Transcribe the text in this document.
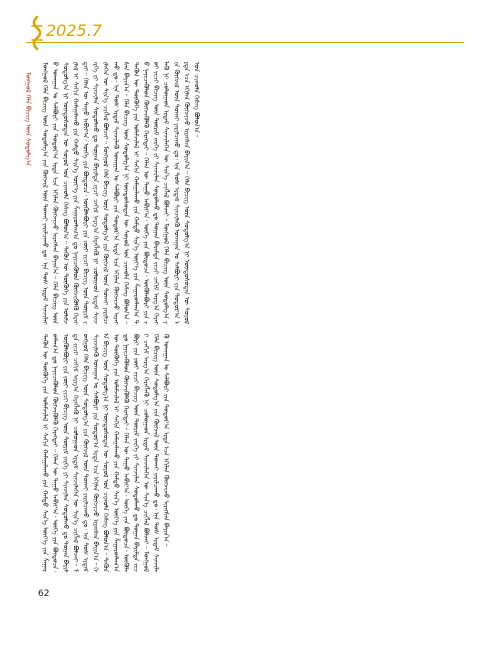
2025.7
ᠮᠣᠩᠭᠣᠯ ᠬᠡᠯᠡ ᠪᠢᠴᠢᠭ ᠦᠨ ᠰᠤᠳᠤᠯᠭ᠎ᠠ ᠮᠣᠩᠭᠣᠯ ᠬᠡᠯᠡ ᠪᠢᠴᠢᠭ ᠦᠨ ᠰᠤᠳᠤᠯᠭ᠎ᠠ ᠶᠢᠨ ᠬᠥᠭᠵᠢᠯ ᠦᠨ ᠲᠤᠬᠠᠢ ᠶᠠᠷᠢᠯᠴᠠᠬᠤ ᠳᠤ᠂ ᠡᠨᠡ ᠲᠤᠰ ᠡᠷᠳᠡᠮ ᠰᠢᠨᠵᠢᠯᠡᠬᠦ ᠤᠬᠠᠭᠠᠨ ᠤ ᠰᠠᠯᠪᠤᠷᠢ ᠶᠢᠨ ᠳᠤᠲᠤᠷ᠎ᠠ ᠡᠷᠲᠡ ᠡᠴᠡ ᠡᠬᠢᠯᠡᠨ ᠬᠥᠭᠵᠢᠵᠦ ᠢᠷᠡᠭᠰᠡᠨ ᠪᠠᠶᠢᠨ᠎ᠠ᠃ ᠬᠡᠯᠡ ᠪᠢᠴᠢᠭ ᠦᠨ ᠰᠤᠳᠤᠯᠭ᠎ᠠ ᠨᠢ ᠦᠨᠳᠦᠰᠦᠲᠡᠨ ᠦ ᠰᠣᠶᠤᠯ ᠤᠨ ᠴᠢᠬᠤᠯᠠ ᠬᠡᠰᠡᠭ ᠪᠣᠯᠤᠨ᠎ᠠ᠃ ᠲᠡᠭᠦᠨ ᠦ ᠲᠦᠭᠦᠬᠡ ᠶᠢᠨ ᠤᠯᠠᠮᠵᠢᠯᠠᠯ ᠢ ᠰᠠᠬᠢᠨ ᠬᠠᠮᠠᠭᠠᠯᠠᠬᠤ ᠶᠢᠨ ᠬᠠᠮᠲᠤ ᠰᠢᠨ᠎ᠡ ᠦᠶ᠎ᠡ ᠶᠢᠨ ᠱᠠᠭᠠᠷᠳᠯᠠᠭ᠎ᠠ ᠳᠤ ᠨᠡᠶᠢᠴᠡᠭᠦᠯᠦᠨ ᠬᠥᠭᠵᠢᠭᠦᠯᠬᠦ ᠬᠡᠷᠡᠭᠲᠡᠶ᠃ ᠬᠡᠯᠡᠨ ᠦ ᠳᠠᠭᠤ ᠠᠪᠢᠶ᠎ᠠ᠂ ᠦᠭᠡ ᠶᠢᠨ ᠪᠦᠲᠦᠴᠡ᠂ ᠦᠭᠦᠯᠡᠪᠦᠷᠢ ᠶᠢᠨ ᠵᠦᠢ ᠵᠢᠴᠢ ᠪᠢᠴᠢᠭ ᠦᠨ ᠳᠦᠷᠢᠮ ᠵᠡᠷᠭᠡ ᠶᠢ ᠰᠢᠨᠵᠢᠯᠡᠨ ᠰᠤᠳᠤᠯᠬᠤ ᠳᠤ ᠲᠣᠭᠠᠨ ᠪᠠᠷᠢᠮᠲᠠ ᠵᠢᠴᠢ ᠴᠠᠬᠢᠮ ᠠᠷᠭ᠎ᠠ ᠬᠡᠷᠡᠭᠯᠡᠬᠦ ᠨᠢ ᠴᠤᠯᠤᠭᠠᠳ ᠡᠷᠳᠡᠮ ᠰᠢᠨᠵᠢᠯᠡᠬᠡᠨ ᠦ ᠰᠢᠨ᠎ᠡ ᠴᠢᠭᠯᠡᠯ ᠪᠣᠯᠵᠠᠢ᠃ ᠮᠣᠩᠭᠣᠯ ᠬᠡᠯᠡ ᠪᠢᠴᠢᠭ ᠦᠨ ᠰᠤᠳᠤᠯᠭ᠎ᠠ ᠶᠢᠨ ᠬᠥᠭᠵᠢᠯ ᠦᠨ ᠲᠤᠬᠠᠢ ᠶᠠᠷᠢᠯᠴᠠᠬᠤ ᠳᠤ᠂ ᠡᠨᠡ ᠲᠤᠰ ᠡᠷᠳᠡᠮ ᠰᠢᠨᠵᠢᠯᠡᠬᠦ ᠤᠬᠠᠭᠠᠨ ᠤ ᠰᠠᠯᠪᠤᠷᠢ ᠶᠢᠨ ᠳᠤᠲᠤᠷ᠎ᠠ ᠡᠷᠲᠡ ᠡᠴᠡ ᠡᠬᠢᠯᠡᠨ ᠬᠥᠭᠵᠢᠵᠦ ᠢᠷᠡᠭᠰᠡᠨ ᠪᠠᠶᠢᠨ᠎ᠠ᠃ ᠬᠡᠯᠡ ᠪᠢᠴᠢᠭ ᠦᠨ ᠰᠤᠳᠤᠯᠭ᠎ᠠ ᠨᠢ ᠦᠨᠳᠦᠰᠦᠲᠡᠨ ᠦ ᠰᠣᠶᠤᠯ ᠤᠨ ᠴᠢᠬᠤᠯᠠ ᠬᠡᠰᠡᠭ ᠪᠣᠯᠤᠨ᠎ᠠ᠃ ᠲᠡᠭᠦᠨ ᠦ ᠲᠦᠭᠦᠬᠡ ᠶᠢᠨ ᠤᠯᠠᠮᠵᠢᠯᠠᠯ ᠢ ᠰᠠᠬᠢᠨ ᠬᠠᠮᠠᠭᠠᠯᠠᠬᠤ ᠶᠢᠨ ᠬᠠᠮᠲᠤ ᠰᠢᠨ᠎ᠡ ᠦᠶ᠎ᠡ ᠶᠢᠨ ᠱᠠᠭᠠᠷᠳᠯᠠᠭ᠎ᠠ ᠳᠤ ᠨᠡᠶᠢᠴᠡᠭᠦᠯᠦᠨ ᠬᠥᠭᠵᠢᠭᠦᠯᠬᠦ ᠬᠡᠷᠡᠭᠲᠡᠶ᠃ ᠬᠡᠯᠡᠨ ᠦ ᠳᠠᠭᠤ ᠠᠪᠢᠶ᠎ᠠ᠂ ᠦᠭᠡ ᠶᠢᠨ ᠪᠦᠲᠦᠴᠡ᠂ ᠦᠭᠦᠯᠡᠪᠦᠷᠢ ᠶᠢᠨ ᠵᠦᠢ ᠵᠢᠴᠢ ᠪᠢᠴᠢᠭ ᠦᠨ ᠳᠦᠷᠢᠮ ᠵᠡᠷᠭᠡ ᠶᠢ ᠰᠢᠨᠵᠢᠯᠡᠨ ᠰᠤᠳᠤᠯᠬᠤ ᠳᠤ ᠲᠣᠭᠠᠨ ᠪᠠᠷᠢᠮᠲᠠ ᠵᠢᠴᠢ ᠴᠠᠬᠢᠮ ᠠᠷᠭ᠎ᠠ ᠬᠡᠷᠡᠭᠯᠡᠬᠦ ᠨᠢ ᠴᠤᠯᠤᠭᠠᠳ ᠡᠷᠳᠡᠮ ᠰᠢᠨᠵᠢᠯᠡᠬᠡᠨ ᠦ ᠰᠢᠨ᠎ᠡ ᠴᠢᠭᠯᠡᠯ ᠪᠣᠯᠵᠠᠢ᠃ ᠮᠣᠩᠭᠣᠯ ᠬᠡᠯᠡ ᠪᠢᠴᠢᠭ ᠦᠨ ᠰᠤᠳᠤᠯᠭ᠎ᠠ ᠶᠢᠨ ᠬᠥᠭᠵᠢᠯ ᠦᠨ ᠲᠤᠬᠠᠢ ᠶᠠᠷᠢᠯᠴᠠᠬᠤ ᠳᠤ᠂ ᠡᠨᠡ ᠲᠤᠰ ᠡᠷᠳᠡᠮ ᠰᠢᠨᠵᠢᠯᠡᠬᠦ ᠤᠬᠠᠭᠠᠨ ᠤ ᠰᠠᠯᠪᠤᠷᠢ ᠶᠢᠨ ᠳᠤᠲᠤᠷ᠎ᠠ ᠡᠷᠲᠡ ᠡᠴᠡ ᠡᠬᠢᠯᠡᠨ ᠬᠥᠭᠵᠢᠵᠦ ᠢᠷᠡᠭᠰᠡᠨ ᠪᠠᠶᠢᠨ᠎ᠠ᠃ ᠬᠡᠯᠡ ᠪᠢᠴᠢᠭ ᠦᠨ ᠰᠤᠳᠤᠯᠭ᠎ᠠ ᠨᠢ ᠦᠨᠳᠦᠰᠦᠲᠡᠨ ᠦ ᠰᠣᠶᠤᠯ ᠤᠨ ᠴᠢᠬᠤᠯᠠ ᠬᠡᠰᠡᠭ ᠪᠣᠯᠤᠨ᠎ᠠ᠃
ᠲᠡᠭᠦᠨ ᠦ ᠲᠦᠭᠦᠬᠡ ᠶᠢᠨ ᠤᠯᠠᠮᠵᠢᠯᠠᠯ ᠢ ᠰᠠᠬᠢᠨ ᠬᠠᠮᠠᠭᠠᠯᠠᠬᠤ ᠶᠢᠨ ᠬᠠᠮᠲᠤ ᠰᠢᠨ᠎ᠡ ᠦᠶ᠎ᠡ ᠶᠢᠨ ᠱᠠᠭᠠᠷᠳᠯᠠᠭ᠎ᠠ ᠳᠤ ᠨᠡᠶᠢᠴᠡᠭᠦᠯᠦᠨ ᠬᠥᠭᠵᠢᠭᠦᠯᠬᠦ ᠬᠡᠷᠡᠭᠲᠡᠶ᠃ ᠬᠡᠯᠡᠨ ᠦ ᠳᠠᠭᠤ ᠠᠪᠢᠶ᠎ᠠ᠂ ᠦᠭᠡ ᠶᠢᠨ ᠪᠦᠲᠦᠴᠡ᠂ ᠦᠭᠦᠯᠡᠪᠦᠷᠢ ᠶᠢᠨ ᠵᠦᠢ ᠵᠢᠴᠢ ᠪᠢᠴᠢᠭ ᠦᠨ ᠳᠦᠷᠢᠮ ᠵᠡᠷᠭᠡ ᠶᠢ ᠰᠢᠨᠵᠢᠯᠡᠨ ᠰᠤᠳᠤᠯᠬᠤ ᠳᠤ ᠲᠣᠭᠠᠨ ᠪᠠᠷᠢᠮᠲᠠ ᠵᠢᠴᠢ ᠴᠠᠬᠢᠮ ᠠᠷᠭ᠎ᠠ ᠬᠡᠷᠡᠭᠯᠡᠬᠦ ᠨᠢ ᠴᠤᠯᠤᠭᠠᠳ ᠡᠷᠳᠡᠮ ᠰᠢᠨᠵᠢᠯᠡᠬᠡᠨ ᠦ ᠰᠢᠨ᠎ᠡ ᠴᠢᠭᠯᠡᠯ ᠪᠣᠯᠵᠠᠢ᠃ ᠮᠣᠩᠭᠣᠯ ᠬᠡᠯᠡ ᠪᠢᠴᠢᠭ ᠦᠨ ᠰᠤᠳᠤᠯᠭ᠎ᠠ ᠶᠢᠨ ᠬᠥᠭᠵᠢᠯ ᠦᠨ ᠲᠤᠬᠠᠢ ᠶᠠᠷᠢᠯᠴᠠᠬᠤ ᠳᠤ᠂ ᠡᠨᠡ ᠲᠤᠰ ᠡᠷᠳᠡᠮ ᠰᠢᠨᠵᠢᠯᠡᠬᠦ ᠤᠬᠠᠭᠠᠨ ᠤ ᠰᠠᠯᠪᠤᠷᠢ ᠶᠢᠨ ᠳᠤᠲᠤᠷ᠎ᠠ ᠡᠷᠲᠡ ᠡᠴᠡ ᠡᠬᠢᠯᠡᠨ ᠬᠥᠭᠵᠢᠵᠦ ᠢᠷᠡᠭᠰᠡᠨ ᠪᠠᠶᠢᠨ᠎ᠠ᠃ ᠬᠡᠯᠡ ᠪᠢᠴᠢᠭ ᠦᠨ ᠰᠤᠳᠤᠯᠭ᠎ᠠ ᠨᠢ ᠦᠨᠳᠦᠰᠦᠲᠡᠨ ᠦ ᠰᠣᠶᠤᠯ ᠤᠨ ᠴᠢᠬᠤᠯᠠ ᠬᠡᠰᠡᠭ ᠪᠣᠯᠤᠨ᠎ᠠ᠃ ᠲᠡᠭᠦᠨ ᠦ ᠲᠦᠭᠦᠬᠡ ᠶᠢᠨ ᠤᠯᠠᠮᠵᠢᠯᠠᠯ ᠢ ᠰᠠᠬᠢᠨ ᠬᠠᠮᠠᠭᠠᠯᠠᠬᠤ ᠶᠢᠨ ᠬᠠᠮᠲᠤ ᠰᠢᠨ᠎ᠡ ᠦᠶ᠎ᠡ ᠶᠢᠨ ᠱᠠᠭᠠᠷᠳᠯᠠᠭ᠎ᠠ ᠳᠤ ᠨᠡᠶᠢᠴᠡᠭᠦᠯᠦᠨ ᠬᠥᠭᠵᠢᠭᠦᠯᠬᠦ ᠬᠡᠷᠡᠭᠲᠡᠶ᠃ ᠬᠡᠯᠡᠨ ᠦ ᠳᠠᠭᠤ ᠠᠪᠢᠶ᠎ᠠ᠂ ᠦᠭᠡ ᠶᠢᠨ ᠪᠦᠲᠦᠴᠡ᠂ ᠦᠭᠦᠯᠡᠪᠦᠷᠢ ᠶᠢᠨ ᠵᠦᠢ ᠵᠢᠴᠢ ᠪᠢᠴᠢᠭ ᠦᠨ ᠳᠦᠷᠢᠮ ᠵᠡᠷᠭᠡ ᠶᠢ ᠰᠢᠨᠵᠢᠯᠡᠨ ᠰᠤᠳᠤᠯᠬᠤ ᠳᠤ ᠲᠣᠭᠠᠨ ᠪᠠᠷᠢᠮᠲᠠ ᠵᠢᠴᠢ ᠴᠠᠬᠢᠮ ᠠᠷᠭ᠎ᠠ ᠬᠡᠷᠡᠭᠯᠡᠬᠦ ᠨᠢ ᠴᠤᠯᠤᠭᠠᠳ ᠡᠷᠳᠡᠮ ᠰᠢᠨᠵᠢᠯᠡᠬᠡᠨ ᠦ ᠰᠢᠨ᠎ᠡ ᠴᠢᠭᠯᠡᠯ ᠪᠣᠯᠵᠠᠢ᠃ ᠮᠣᠩᠭᠣᠯ ᠬᠡᠯᠡ ᠪᠢᠴᠢᠭ ᠦᠨ ᠰᠤᠳᠤᠯᠭ᠎ᠠ ᠶᠢᠨ ᠬᠥᠭᠵᠢᠯ ᠦᠨ ᠲᠤᠬᠠᠢ ᠶᠠᠷᠢᠯᠴᠠᠬᠤ ᠳᠤ᠂ ᠡᠨᠡ ᠲᠤᠰ ᠡᠷᠳᠡᠮ ᠰᠢᠨᠵᠢᠯᠡᠬᠦ ᠤᠬᠠᠭᠠᠨ ᠤ ᠰᠠᠯᠪᠤᠷᠢ ᠶᠢᠨ ᠳᠤᠲᠤᠷ᠎ᠠ ᠡᠷᠲᠡ ᠡᠴᠡ ᠡᠬᠢᠯᠡᠨ ᠬᠥᠭᠵᠢᠵᠦ ᠢᠷᠡᠭᠰᠡᠨ ᠪᠠᠶᠢᠨ᠎ᠠ᠃
62
